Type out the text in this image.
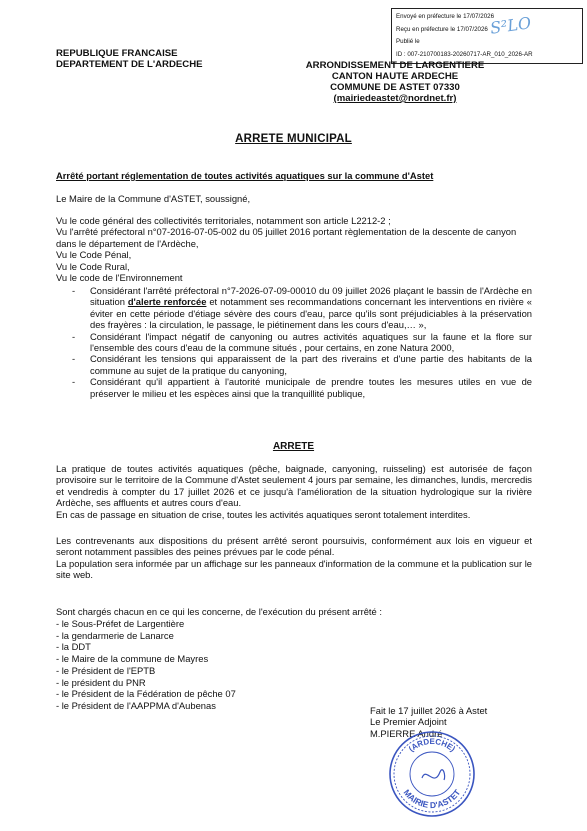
Envoyé en préfecture le 17/07/2026
Reçu en préfecture le 17/07/2026
Publié le
ID : 007-210700183-20260717-AR_010_2026-AR
S²LO
REPUBLIQUE FRANCAISE
DEPARTEMENT DE L'ARDECHE	ARRONDISSEMENT DE LARGENTIERE
CANTON HAUTE ARDECHE
COMMUNE DE ASTET 07330
(mairiedeastet@nordnet.fr)
ARRETE MUNICIPAL
Arrêté portant réglementation de toutes activités aquatiques sur la commune d'Astet
Le Maire de la Commune d'ASTET, soussigné,
Vu le code général des collectivités territoriales, notamment son article L2212-2 ;
Vu l'arrêté préfectoral n°07-2016-07-05-002 du 05 juillet 2016 portant règlementation de la descente de canyon dans le département de l'Ardèche,
Vu le Code Pénal,
Vu le Code Rural,
Vu le code de l'Environnement
- Considérant l'arrêté préfectoral n°7-2026-07-09-00010 du 09 juillet 2026 plaçant le bassin de l'Ardèche en situation d'alerte renforcée et notamment ses recommandations concernant les interventions en rivière « éviter en cette période d'étiage sévère des cours d'eau, parce qu'ils sont préjudiciables à la préservation des frayères : la circulation, le passage, le piétinement dans les cours d'eau,… »,
- Considérant l'impact négatif de canyoning ou autres activités aquatiques sur la faune et la flore sur l'ensemble des cours d'eau de la commune situés , pour certains, en zone Natura 2000,
- Considérant les tensions qui apparaissent de la part des riverains et d'une partie des habitants de la commune au sujet de la pratique du canyoning,
- Considérant qu'il appartient à l'autorité municipale de prendre toutes les mesures utiles en vue de préserver le milieu et les espèces ainsi que la tranquillité publique,
ARRETE
La pratique de toutes activités aquatiques (pêche, baignade, canyoning, ruisseling) est autorisée de façon provisoire sur le territoire de la Commune d'Astet seulement 4 jours par semaine, les dimanches, lundis, mercredis et vendredis à compter du 17 juillet 2026 et ce jusqu'à l'amélioration de la situation hydrologique sur la rivière Ardèche, ses affluents et autres cours d'eau.
En cas de passage en situation de crise, toutes les activités aquatiques seront totalement interdites.
Les contrevenants aux dispositions du présent arrêté seront poursuivis, conformément aux lois en vigueur et seront notamment passibles des peines prévues par le code pénal.
La population sera informée par un affichage sur les panneaux d'information de la commune et la publication sur le site web.
Sont chargés chacun en ce qui les concerne, de l'exécution du présent arrêté :
- le Sous-Préfet de Largentière
- la gendarmerie de Lanarce
- la DDT
- le Maire de la commune de Mayres
- le Président de l'EPTB
- le président du PNR
- le Président de la Fédération de pêche 07
- le Président de l'AAPPMA d'Aubenas	Fait le 17 juillet 2026 à Astet
Le Premier Adjoint
M.PIERRE André
(ARDECHE)
MAIRIE D'ASTET
